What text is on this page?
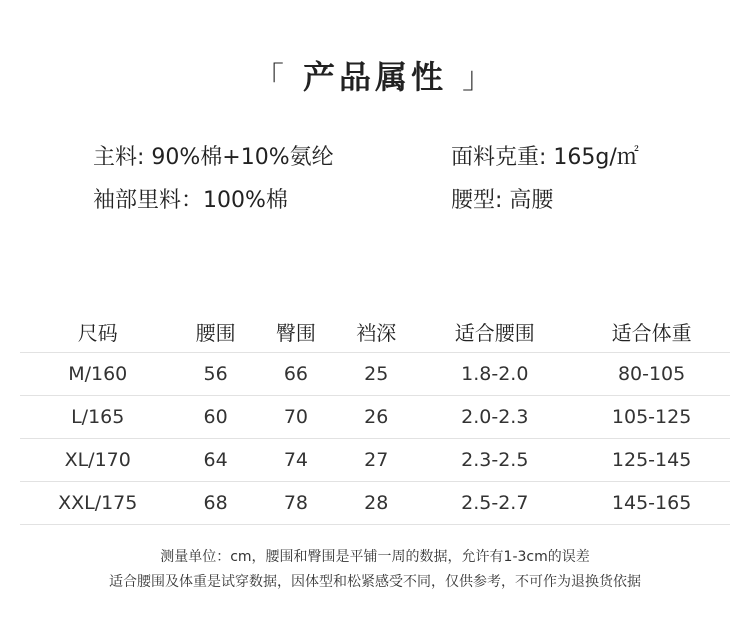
「 产品属性 」
主料: 90%棉+10%氨纶	面料克重: 165g/㎡
袖部里料：100%棉	腰型: 高腰
尺码	腰围	臀围	裆深	适合腰围	适合体重
M/160	56	66	25	1.8-2.0	80-105
L/165	60	70	26	2.0-2.3	105-125
XL/170	64	74	27	2.3-2.5	125-145
XXL/175	68	78	28	2.5-2.7	145-165
测量单位：cm，腰围和臀围是平铺一周的数据，允许有1-3cm的误差
适合腰围及体重是试穿数据，因体型和松紧感受不同，仅供参考，不可作为退换货依据
